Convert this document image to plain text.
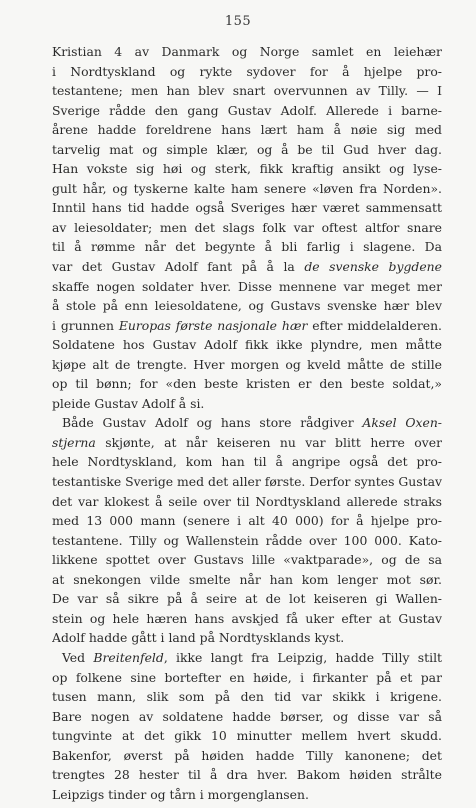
155
Kristian 4 av Danmark og Norge samlet en leiehær
i Nordtyskland og rykte sydover for å hjelpe pro-
testantene; men han blev snart overvunnen av Tilly. — I
Sverige rådde den gang Gustav Adolf. Allerede i barne-
årene hadde foreldrene hans lært ham å nøie sig med
tarvelig mat og simple klær, og å be til Gud hver dag.
Han vokste sig høi og sterk, fikk kraftig ansikt og lyse-
gult hår, og tyskerne kalte ham senere «løven fra Norden».
Inntil hans tid hadde også Sveriges hær været sammensatt
av leiesoldater; men det slags folk var oftest altfor snare
til å rømme når det begynte å bli farlig i slagene. Da
var det Gustav Adolf fant på å la de svenske bygdene
skaffe nogen soldater hver. Disse mennene var meget mer
å stole på enn leiesoldatene, og Gustavs svenske hær blev
i grunnen Europas første nasjonale hær efter middelalderen.
Soldatene hos Gustav Adolf fikk ikke plyndre, men måtte
kjøpe alt de trengte. Hver morgen og kveld måtte de stille
op til bønn; for «den beste kristen er den beste soldat,»
pleide Gustav Adolf å si.
Både Gustav Adolf og hans store rådgiver Aksel Oxen-
stjerna skjønte, at når keiseren nu var blitt herre over
hele Nordtyskland, kom han til å angripe også det pro-
testantiske Sverige med det aller første. Derfor syntes Gustav
det var klokest å seile over til Nordtyskland allerede straks
med 13 000 mann (senere i alt 40 000) for å hjelpe pro-
testantene. Tilly og Wallenstein rådde over 100 000. Kato-
likkene spottet over Gustavs lille «vaktparade», og de sa
at snekongen vilde smelte når han kom lenger mot sør.
De var så sikre på å seire at de lot keiseren gi Wallen-
stein og hele hæren hans avskjed få uker efter at Gustav
Adolf hadde gått i land på Nordtysklands kyst.
Ved Breitenfeld, ikke langt fra Leipzig, hadde Tilly stilt
op folkene sine bortefter en høide, i firkanter på et par
tusen mann, slik som på den tid var skikk i krigene.
Bare nogen av soldatene hadde børser, og disse var så
tungvinte at det gikk 10 minutter mellem hvert skudd.
Bakenfor, øverst på høiden hadde Tilly kanonene; det
trengtes 28 hester til å dra hver. Bakom høiden strålte
Leipzigs tinder og tårn i morgenglansen.
